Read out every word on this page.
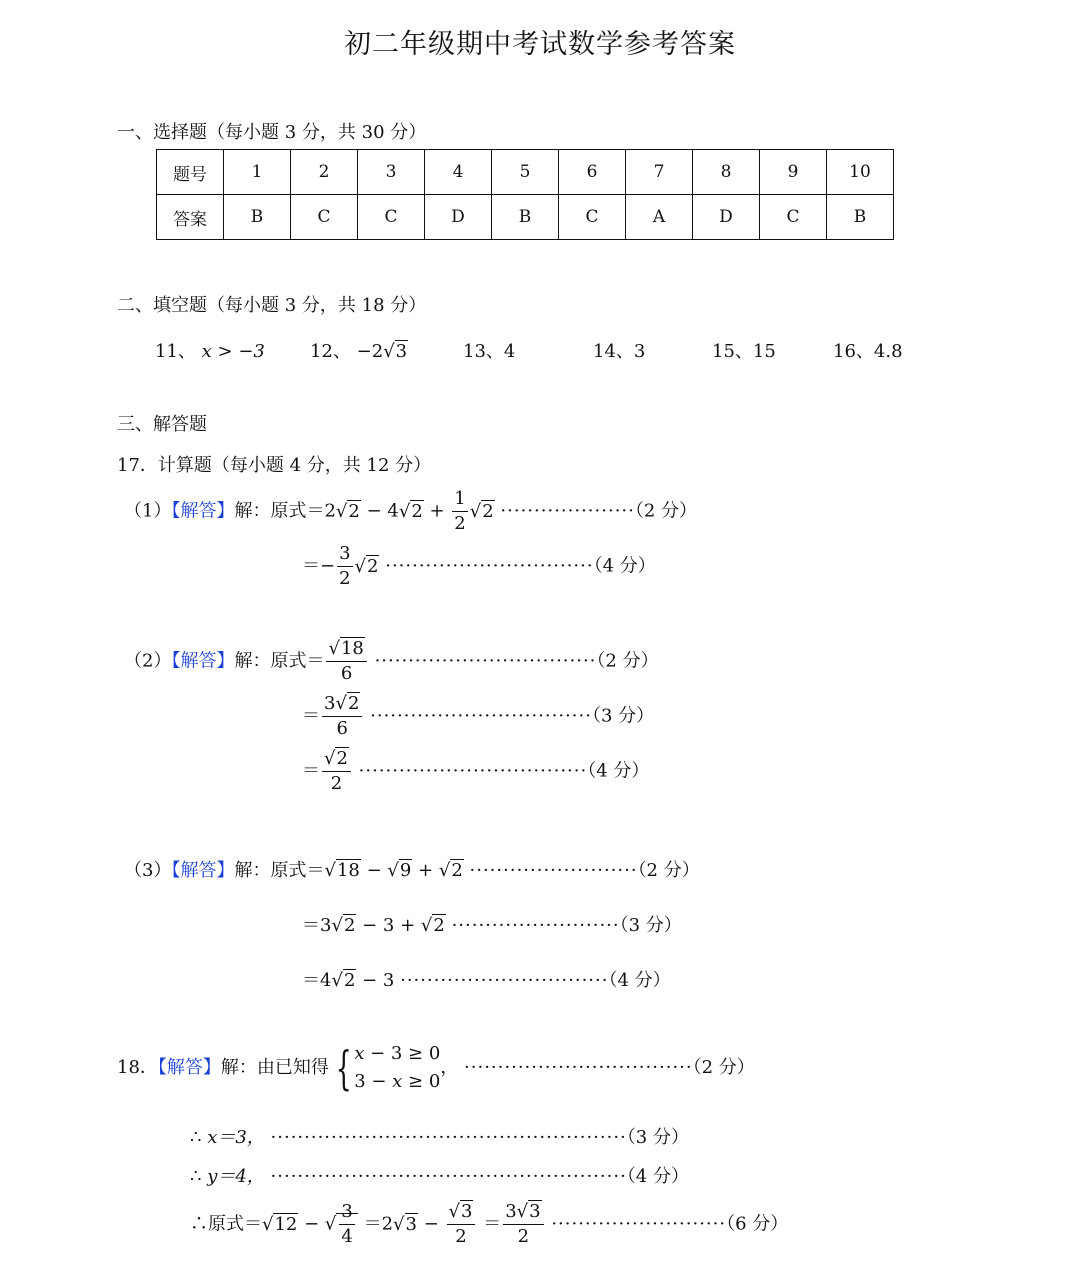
初二年级期中考试数学参考答案
一、选择题（每小题 3 分，共 30 分）
题号	1	2	3	4	5	6	7	8	9	10
答案	B	C	C	D	B	C	A	D	C	B
二、填空题（每小题 3 分，共 18 分）
11、 x > −3	12、 −2√3	13、4	14、3	15、15	16、4.8
三、解答题
17．计算题（每小题 4 分，共 12 分）
（1）【解答】解：原式$=2√2 - 4√2 + \frac{1}{2} √2 \cdot\cdot\cdot\cdot\cdot\cdot\cdot\cdot\cdot\cdot\cdot\cdot\cdot\cdot\cdot\cdot\cdot\cdot\cdot\cdot(2$ 分）
＝− $\frac{3}{2} √2 \cdot\cdot\cdot\cdot\cdot\cdot\cdot\cdot\cdot\cdot\cdot\cdot\cdot\cdot\cdot\cdot\cdot\cdot\cdot\cdot\cdot\cdot\cdot\cdot\cdot\cdot\cdot\cdot\cdot\cdot\cdot(4$ 分）
（2）【解答】解：原式＝ $\frac{√18}{6} \cdot\cdot\cdot\cdot\cdot\cdot\cdot\cdot\cdot\cdot\cdot\cdot\cdot\cdot\cdot\cdot\cdot\cdot\cdot\cdot\cdot\cdot\cdot\cdot\cdot\cdot\cdot\cdot\cdot\cdot\cdot\cdot\cdot(2$ 分）
＝ $\frac{3√2}{6} \cdot\cdot\cdot\cdot\cdot\cdot\cdot\cdot\cdot\cdot\cdot\cdot\cdot\cdot\cdot\cdot\cdot\cdot\cdot\cdot\cdot\cdot\cdot\cdot\cdot\cdot\cdot\cdot\cdot\cdot\cdot\cdot\cdot(3$ 分）
＝ $\frac{√2}{2} \cdot\cdot\cdot\cdot\cdot\cdot\cdot\cdot\cdot\cdot\cdot\cdot\cdot\cdot\cdot\cdot\cdot\cdot\cdot\cdot\cdot\cdot\cdot\cdot\cdot\cdot\cdot\cdot\cdot\cdot\cdot\cdot\cdot\cdot(4$ 分）
（3）【解答】解：原式＝√18 − √9 + √2 ·························（2 分）
＝3√2 − 3 + √2 ·························（3 分）
＝4√2 − 3 ·······························（4 分）
18．【解答】解：由已知得 { x − 3 ≥ 0
3 − x ≥ 0， ··································（2 分）
∴ x＝3， ·····················································（3 分）
∴ y＝4， ·····················································（4 分）
∴原式＝√12 − √ $\frac{3}{4} =2√3 - \frac{√3}{2} = \frac{3√3}{2} \cdot\cdot\cdot\cdot\cdot\cdot\cdot\cdot\cdot\cdot\cdot\cdot\cdot\cdot\cdot\cdot\cdot\cdot\cdot\cdot\cdot\cdot\cdot\cdot\cdot\cdot(6$ 分）
